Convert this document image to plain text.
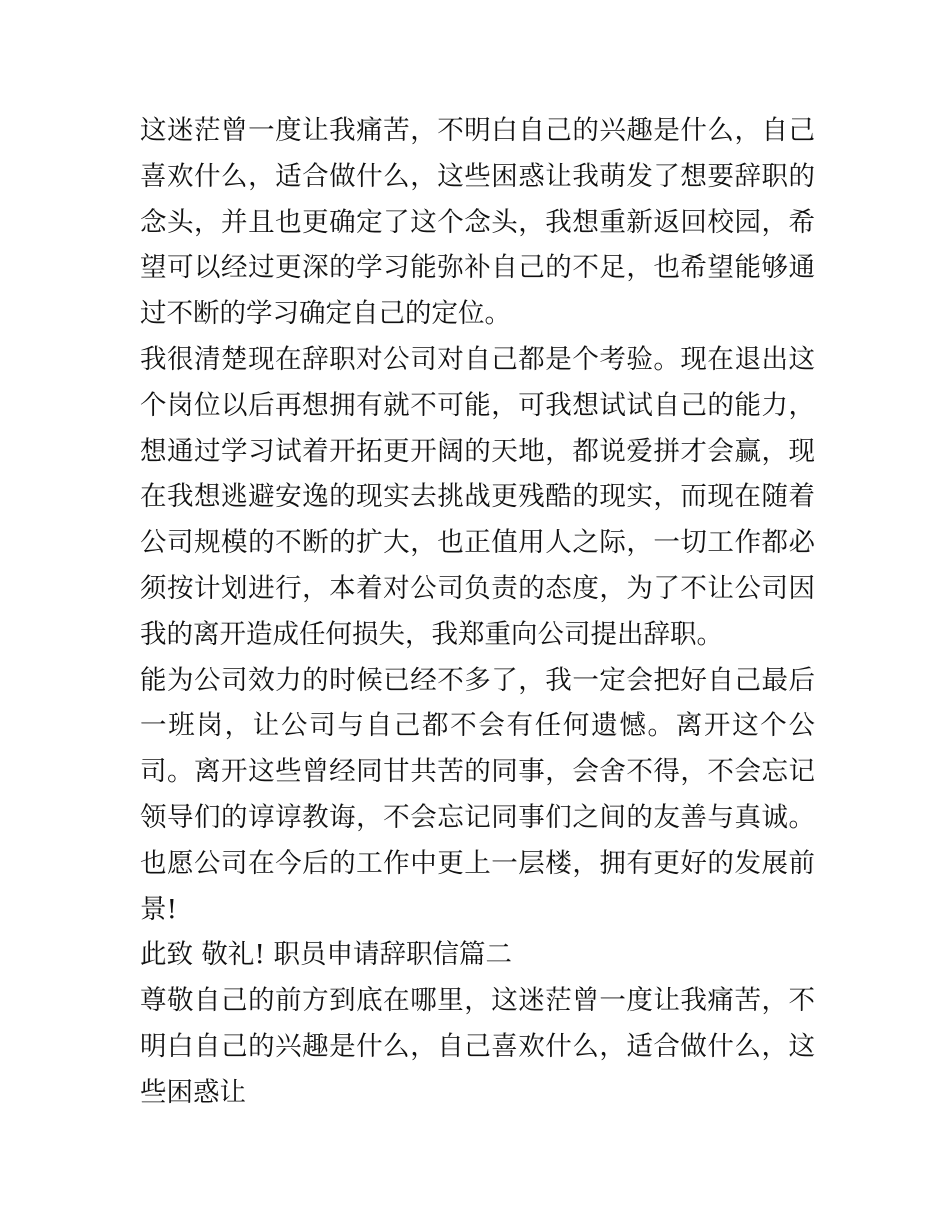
这迷茫曾一度让我痛苦，不明白自己的兴趣是什么，自己喜欢什么，适合做什么，这些困惑让我萌发了想要辞职的念头，并且也更确定了这个念头，我想重新返回校园，希望可以经过更深的学习能弥补自己的不足，也希望能够通过不断的学习确定自己的定位。

我很清楚现在辞职对公司对自己都是个考验。现在退出这个岗位以后再想拥有就不可能，可我想试试自己的能力，想通过学习试着开拓更开阔的天地，都说爱拼才会赢，现在我想逃避安逸的现实去挑战更残酷的现实，而现在随着公司规模的不断的扩大，也正值用人之际，一切工作都必须按计划进行，本着对公司负责的态度，为了不让公司因我的离开造成任何损失，我郑重向公司提出辞职。

能为公司效力的时候已经不多了，我一定会把好自己最后一班岗，让公司与自己都不会有任何遗憾。离开这个公司。离开这些曾经同甘共苦的同事，会舍不得，不会忘记领导们的谆谆教诲，不会忘记同事们之间的友善与真诚。也愿公司在今后的工作中更上一层楼，拥有更好的发展前景!

此致 敬礼! 职员申请辞职信篇二

尊敬自己的前方到底在哪里，这迷茫曾一度让我痛苦，不明白自己的兴趣是什么，自己喜欢什么，适合做什么，这些困惑让
